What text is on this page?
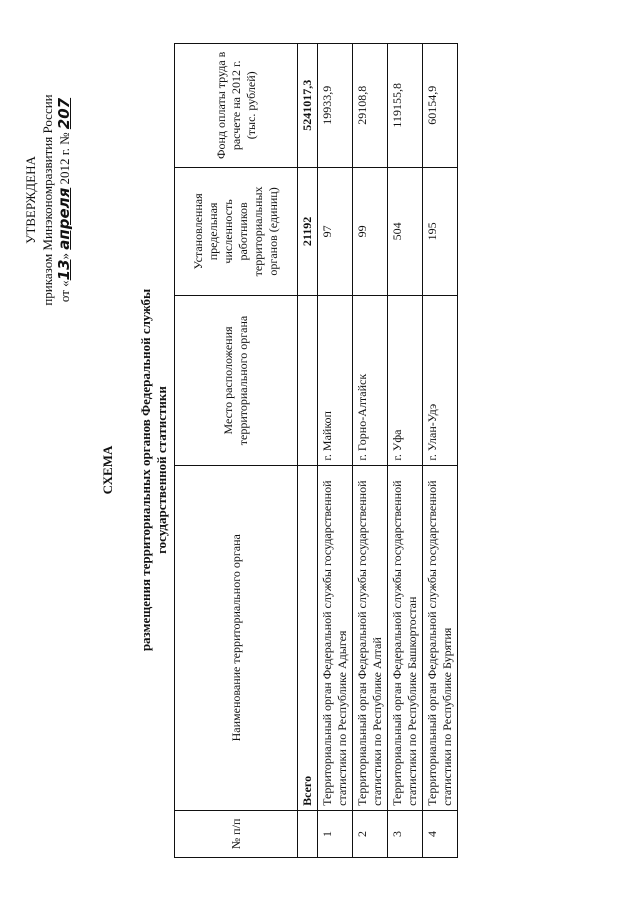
УТВЕРЖДЕНА приказом Минэкономразвития России от «13» апреля 2012 г. № 207
СХЕМА размещения территориальных органов Федеральной службы государственной статистики
№ п/п	Наименование территориального органа	Место расположения территориального органа	Установленная предельная численность работников территориальных органов (единиц)	Фонд оплаты труда в расчете на 2012 г. (тыс. рублей)
	Всего		21192	5241017,3
1	Территориальный орган Федеральной службы государственной статистики по Республике Адыгея	г. Майкоп	97	19933,9
2	Территориальный орган Федеральной службы государственной статистики по Республике Алтай	г. Горно-Алтайск	99	29108,8
3	Территориальный орган Федеральной службы государственной статистики по Республике Башкортостан	г. Уфа	504	119155,8
4	Территориальный орган Федеральной службы государственной статистики по Республике Бурятия	г. Улан-Удэ	195	60154,9
